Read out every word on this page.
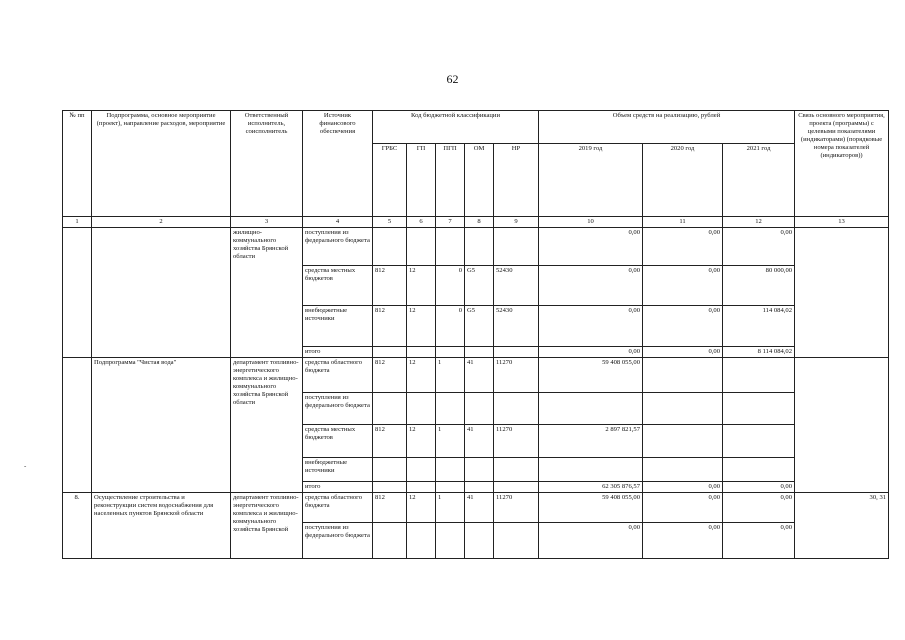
62
-
№ пп	Подпрограмма, основное мероприятие (проект), направление расходов, мероприятие	Ответственный исполнитель, соисполнитель	Источник финансового обеспечения	Код бюджетной классификации					Объем средств на реализацию, рублей			Связь основного мероприятия, проекта (программы) с целевыми показателями (индикаторами) (порядковые номера показателей (индикаторов))
				ГРБС	ГП	ПГП	ОМ	НР	2019 год	2020 год	2021 год	
1	2	3	4	5	6	7	8	9	10	11	12	13
		жилищно-коммунального хозяйства Брянской области	поступления из федерального бюджета						0,00	0,00	0,00	
			средства местных бюджетов	812	12	0	G5	52430	0,00	0,00	80 000,00	
			внебюджетные источники	812	12	0	G5	52430	0,00	0,00	114 084,02	
			итого						0,00	0,00	8 114 084,02	
	Подпрограмма "Чистая вода"	департамент топливно-энергетического комплекса и жилищно-коммунального хозяйства Брянской области	средства областного бюджета	812	12	1	41	11270	59 408 055,00			
			поступления из федерального бюджета									
			средства местных бюджетов	812	12	1	41	11270	2 897 821,57			
			внебюджетные источники									
			итого						62 305 876,57	0,00	0,00	
8.	Осуществление строительства и реконструкции систем водоснабжения для населенных пунктов Брянской области	департамент топливно-энергетического комплекса и жилищно-коммунального хозяйства Брянской	средства областного бюджета	812	12	1	41	11270	59 408 055,00	0,00	0,00	30, 31
			поступления из федерального бюджета						0,00	0,00	0,00	
